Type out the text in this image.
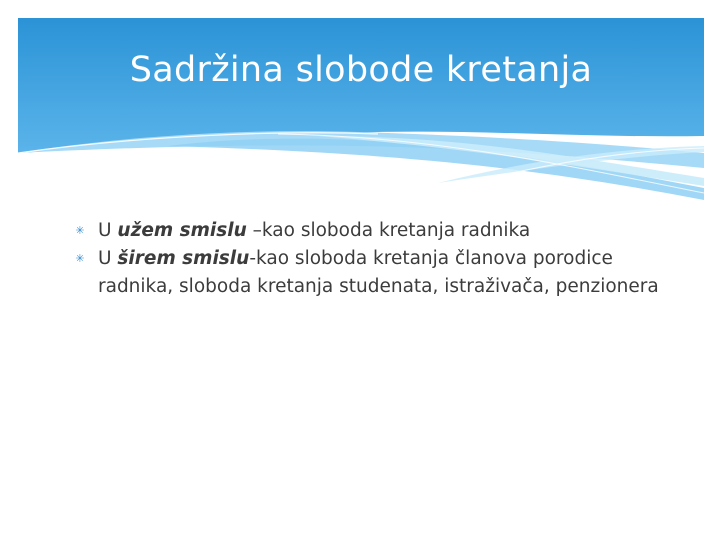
Sadržina slobode kretanja

✳ U užem smislu –kao sloboda kretanja radnika

✳ U širem smislu-kao sloboda kretanja članova porodice radnika, sloboda kretanja studenata, istraživača, penzionera
